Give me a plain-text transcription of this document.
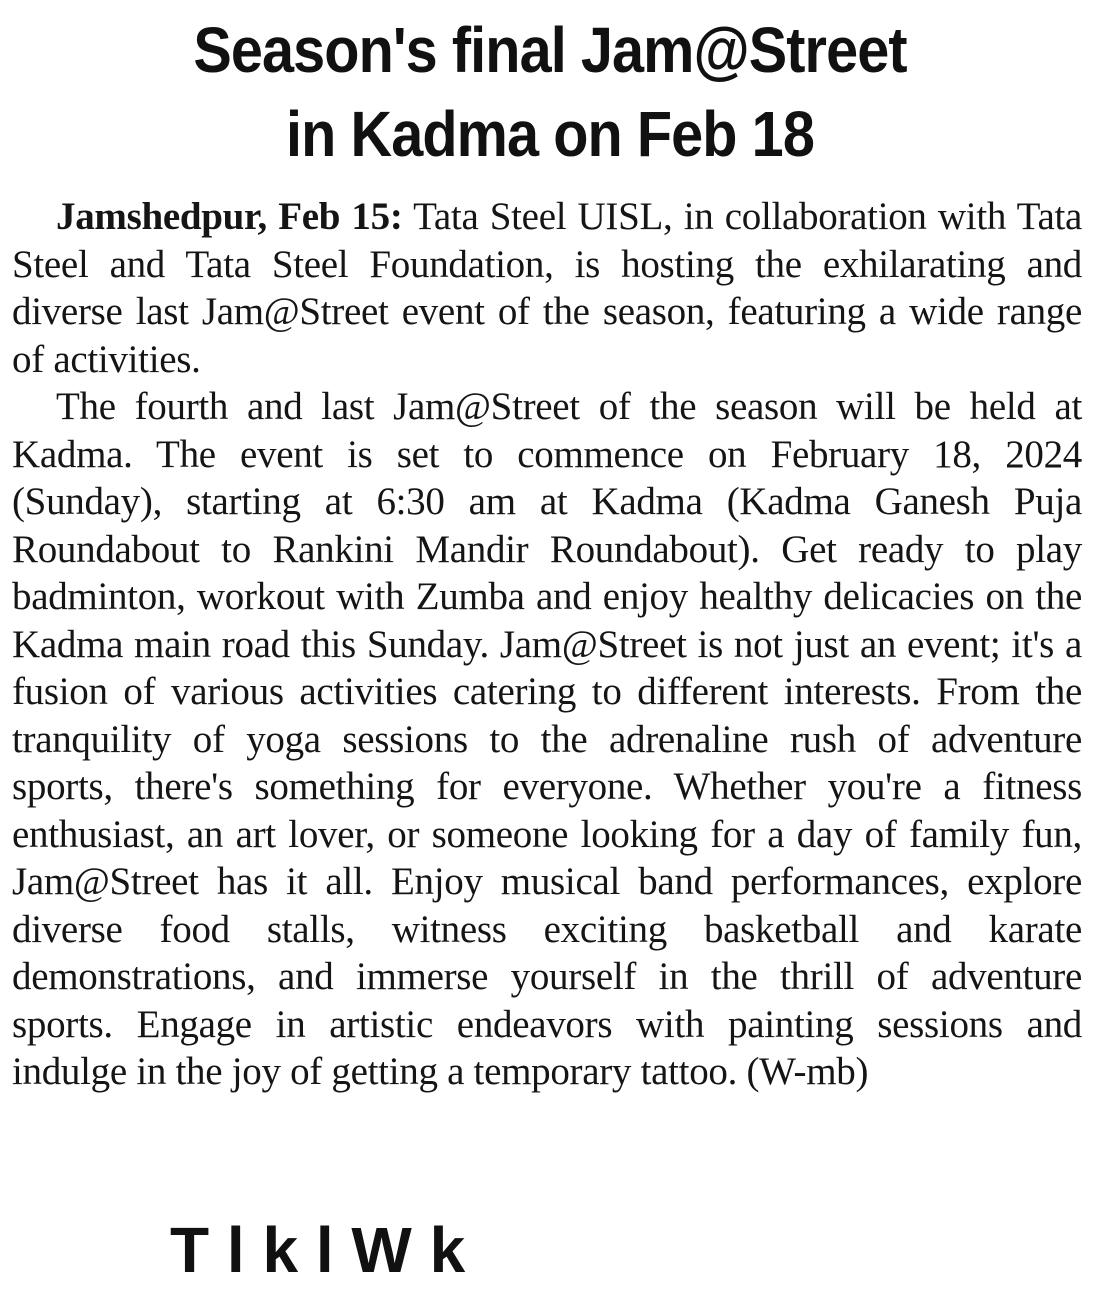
Season's final Jam@Street
in Kadma on Feb 18

Jamshedpur, Feb 15: Tata Steel UISL, in collaboration with Tata Steel and Tata Steel Foundation, is hosting the exhilarating and diverse last Jam@Street event of the season, featuring a wide range of activities.

The fourth and last Jam@Street of the season will be held at Kadma. The event is set to commence on February 18, 2024 (Sunday), starting at 6:30 am at Kadma (Kadma Ganesh Puja Roundabout to Rankini Mandir Roundabout). Get ready to play badminton, workout with Zumba and enjoy healthy delicacies on the Kadma main road this Sunday. Jam@Street is not just an event; it's a fusion of various activities catering to different interests. From the tranquility of yoga sessions to the adrenaline rush of adventure sports, there's something for everyone. Whether you're a fitness enthusiast, an art lover, or someone looking for a day of family fun, Jam@Street has it all. Enjoy musical band performances, explore diverse food stalls, witness exciting basketball and karate demonstrations, and immerse yourself in the thrill of adventure sports. Engage in artistic endeavors with painting sessions and indulge in the joy of getting a temporary tattoo. (W-mb)

T l k l W k
